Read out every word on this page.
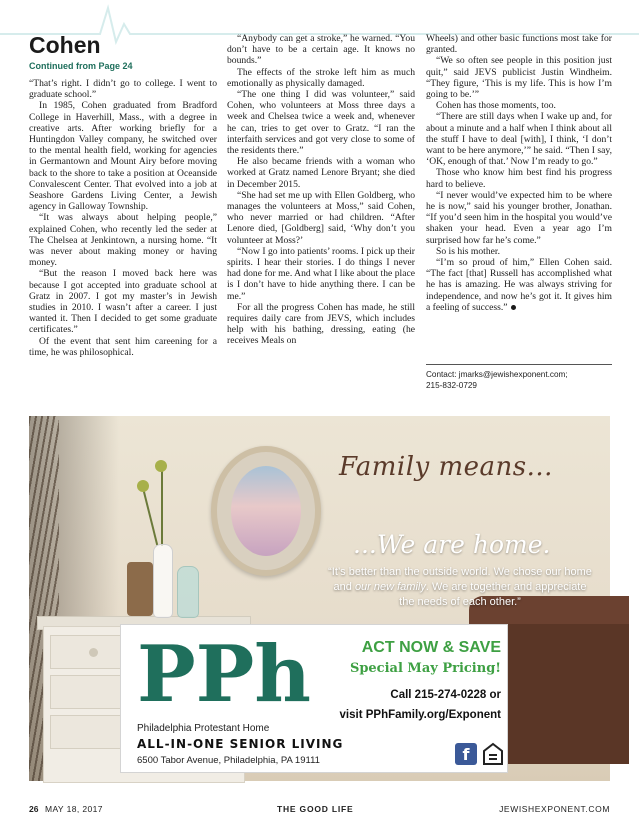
Cohen
Continued from Page 24

“That’s right. I didn’t go to college. I went to graduate school.”

In 1985, Cohen graduated from Bradford College in Haverhill, Mass., with a degree in creative arts. After working briefly for a Huntingdon Valley company, he switched over to the mental health field, working for agencies in Germantown and Mount Airy before moving back to the shore to take a position at Oceanside Convalescent Center. That evolved into a job at Seashore Gardens Living Center, a Jewish agency in Galloway Township.

“It was always about helping people,” explained Cohen, who recently led the seder at The Chelsea at Jenkintown, a nursing home. “It was never about making money or having money.

“But the reason I moved back here was because I got accepted into graduate school at Gratz in 2007. I got my master’s in Jewish studies in 2010. I wasn’t after a career. I just wanted it. Then I decided to get some graduate certificates.”

Of the event that sent him careening for a time, he was philosophical.

“Anybody can get a stroke,” he warned. “You don’t have to be a certain age. It knows no bounds.”

The effects of the stroke left him as much emotionally as physically damaged.

“The one thing I did was volunteer,” said Cohen, who volunteers at Moss three days a week and Chelsea twice a week and, whenever he can, tries to get over to Gratz. “I ran the interfaith services and got very close to some of the residents there.”

He also became friends with a woman who worked at Gratz named Lenore Bryant; she died in December 2015.

“She had set me up with Ellen Goldberg, who manages the volunteers at Moss,” said Cohen, who never married or had children. “After Lenore died, [Goldberg] said, ‘Why don’t you volunteer at Moss?’

“Now I go into patients’ rooms. I pick up their spirits. I hear their stories. I do things I never had done for me. And what I like about the place is I don’t have to hide anything there. I can be me.”

For all the progress Cohen has made, he still requires daily care from JEVS, which includes help with his bathing, dressing, eating (he receives Meals on

Wheels) and other basic functions most take for granted.

“We so often see people in this position just quit,” said JEVS publicist Justin Windheim. “They figure, ‘This is my life. This is how I’m going to be.’”

Cohen has those moments, too.

“There are still days when I wake up and, for about a minute and a half when I think about all the stuff I have to deal [with], I think, ‘I don’t want to be here anymore,’” he said. “Then I say, ‘OK, enough of that.’ Now I’m ready to go.”

Those who know him best find his progress hard to believe.

“I never would’ve expected him to be where he is now,” said his younger brother, Jonathan. “If you’d seen him in the hospital you would’ve shaken your head. Even a year ago I’m surprised how far he’s come.”

So is his mother.

“I’m so proud of him,” Ellen Cohen said. “The fact [that] Russell has accomplished what he has is amazing. He was always striving for independence, and now he’s got it. It gives him a feeling of success.”

Contact: jmarks@jewishexponent.com;
215-832-0729
Family means...
...We are home.
“It’s better than the outside world. We chose our home and our new family. We are together and appreciate the needs of each other.”
PPh	ACT NOW & SAVE
Special May Pricing!
Call 215-274-0228 or
visit PPhFamily.org/Exponent
Philadelphia Protestant Home
ALL-IN-ONE SENIOR LIVING
6500 Tabor Avenue, Philadelphia, PA 19111	f
26 MAY 18, 2017	THE GOOD LIFE	JEWISHEXPONENT.COM
